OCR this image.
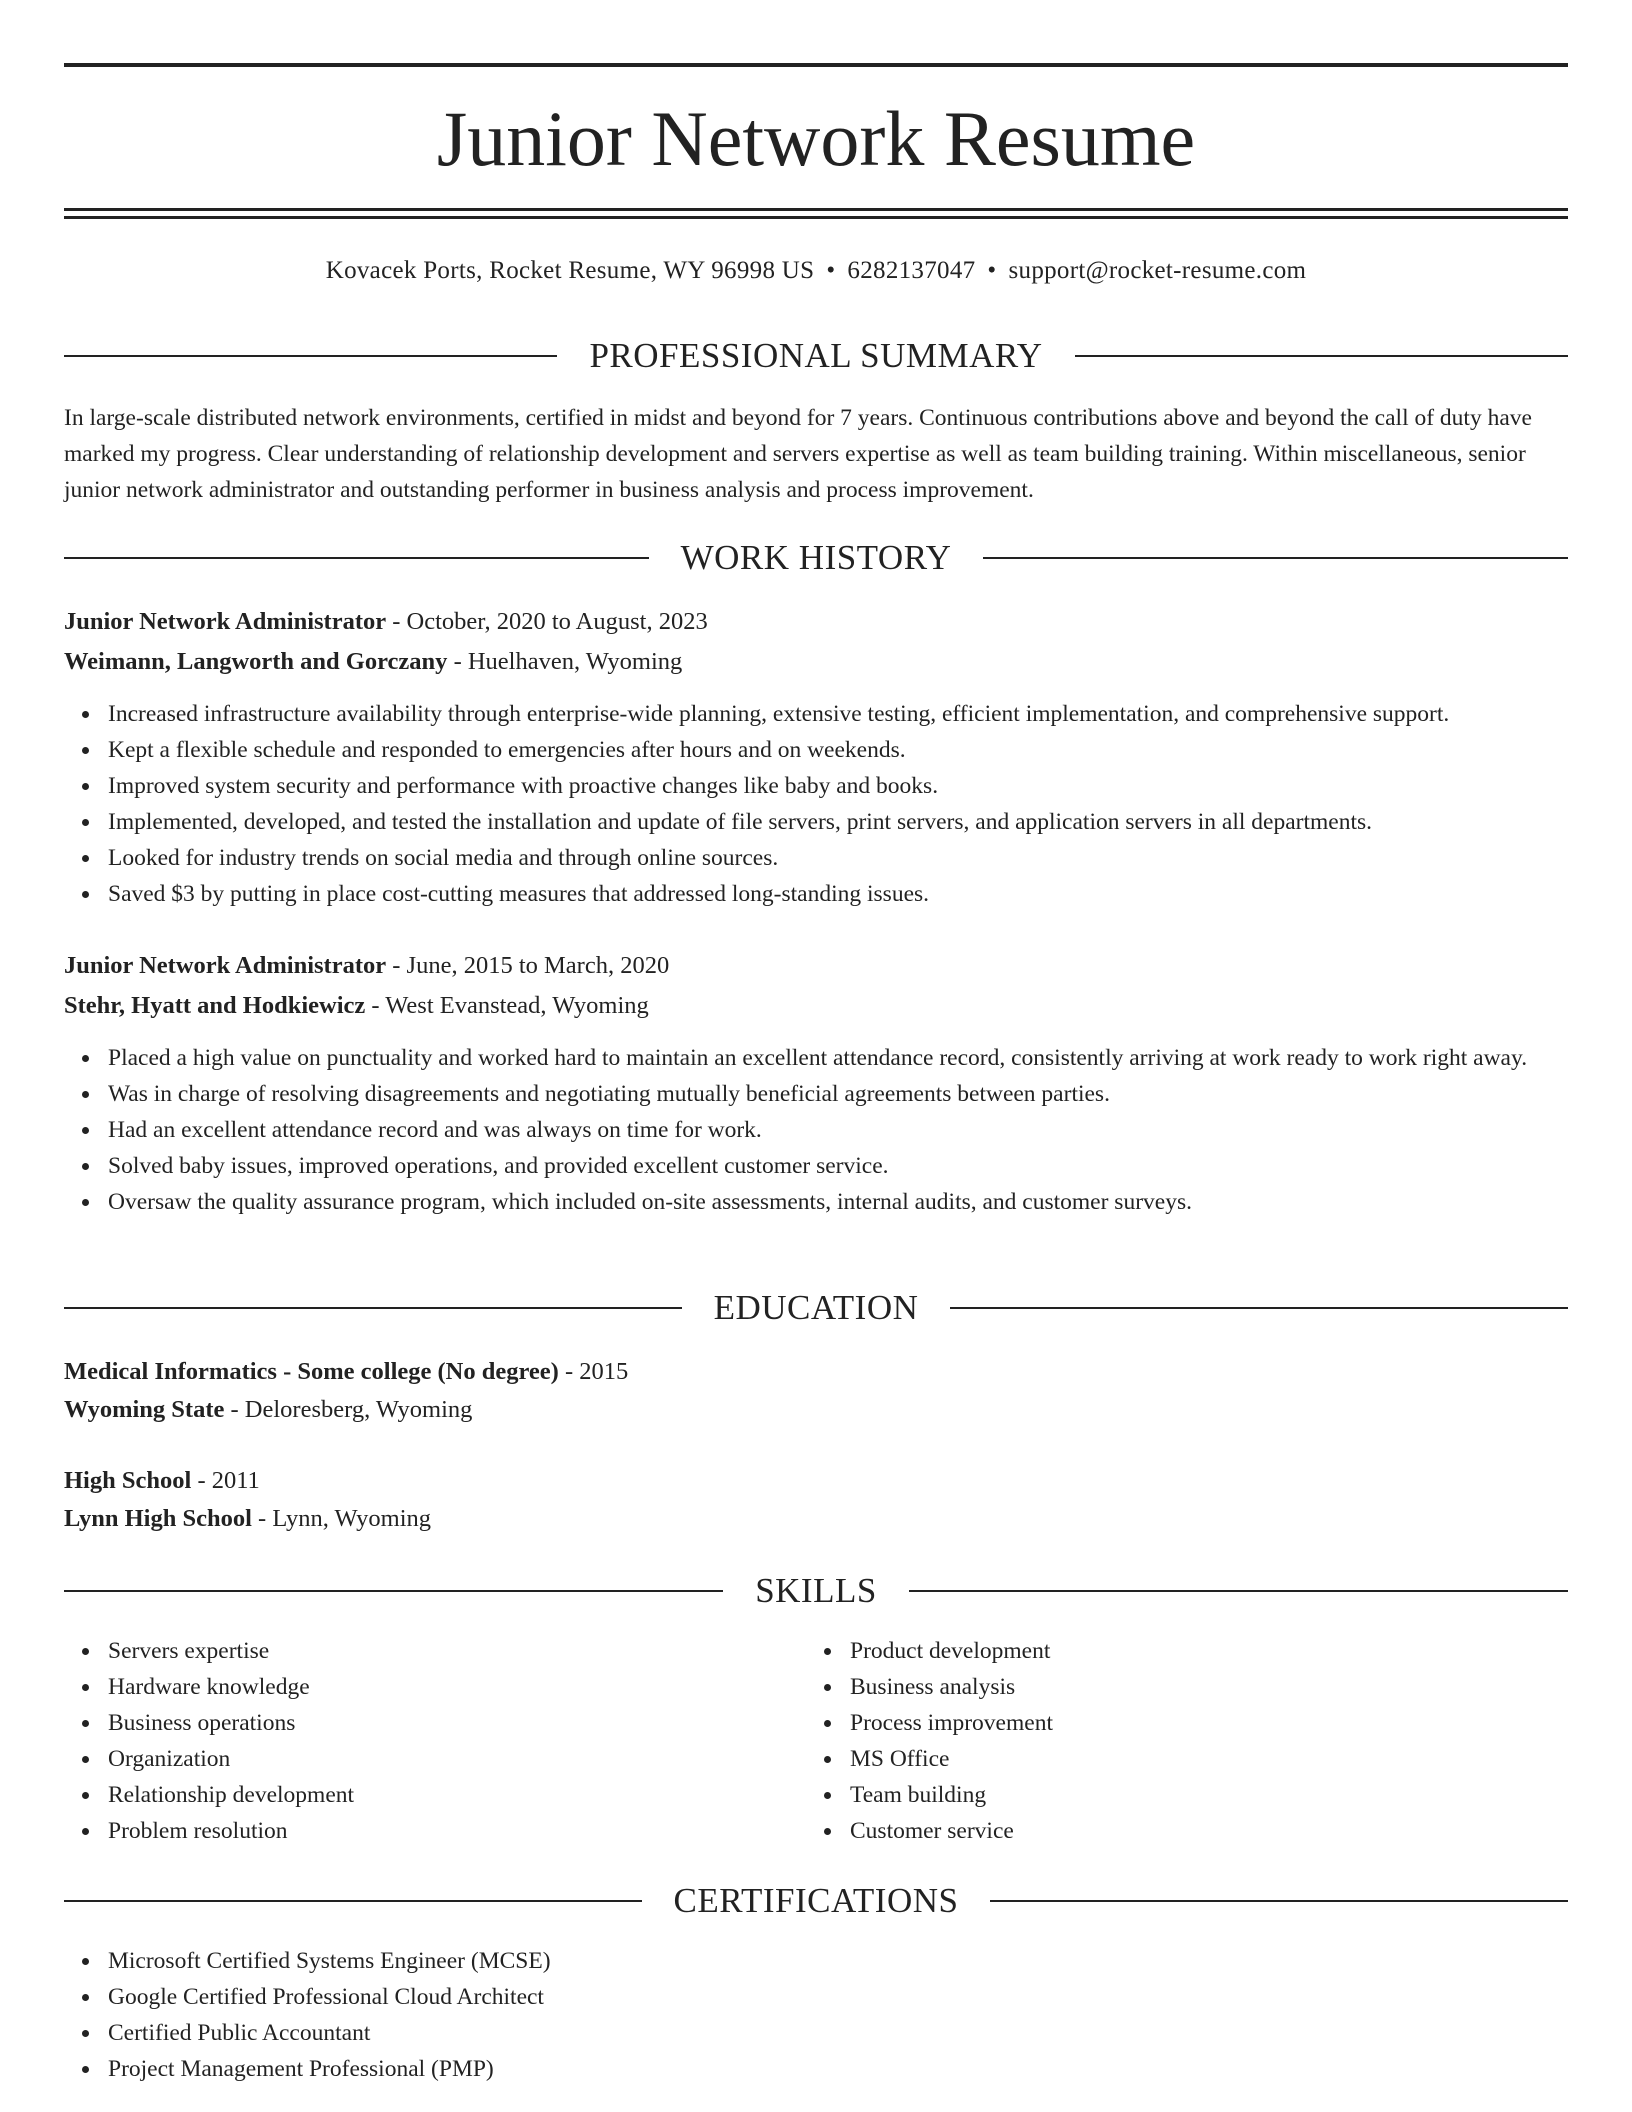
Junior Network Resume
Kovacek Ports, Rocket Resume, WY 96998 US • 6282137047 • support@rocket-resume.com
PROFESSIONAL SUMMARY

In large-scale distributed network environments, certified in midst and beyond for 7 years. Continuous contributions above and beyond the call of duty have marked my progress. Clear understanding of relationship development and servers expertise as well as team building training. Within miscellaneous, senior junior network administrator and outstanding performer in business analysis and process improvement.

WORK HISTORY
Junior Network Administrator - October, 2020 to August, 2023
Weimann, Langworth and Gorczany - Huelhaven, Wyoming
Increased infrastructure availability through enterprise-wide planning, extensive testing, efficient implementation, and comprehensive support.
Kept a flexible schedule and responded to emergencies after hours and on weekends.
Improved system security and performance with proactive changes like baby and books.
Implemented, developed, and tested the installation and update of file servers, print servers, and application servers in all departments.
Looked for industry trends on social media and through online sources.
Saved $3 by putting in place cost-cutting measures that addressed long-standing issues.
Junior Network Administrator - June, 2015 to March, 2020
Stehr, Hyatt and Hodkiewicz - West Evanstead, Wyoming
Placed a high value on punctuality and worked hard to maintain an excellent attendance record, consistently arriving at work ready to work right away.
Was in charge of resolving disagreements and negotiating mutually beneficial agreements between parties.
Had an excellent attendance record and was always on time for work.
Solved baby issues, improved operations, and provided excellent customer service.
Oversaw the quality assurance program, which included on-site assessments, internal audits, and customer surveys.
EDUCATION
Medical Informatics - Some college (No degree) - 2015
Wyoming State - Deloresberg, Wyoming
High School - 2011
Lynn High School - Lynn, Wyoming
SKILLS
Servers expertise
Hardware knowledge
Business operations
Organization
Relationship development
Problem resolution
Product development
Business analysis
Process improvement
MS Office
Team building
Customer service
CERTIFICATIONS
Microsoft Certified Systems Engineer (MCSE)
Google Certified Professional Cloud Architect
Certified Public Accountant
Project Management Professional (PMP)
